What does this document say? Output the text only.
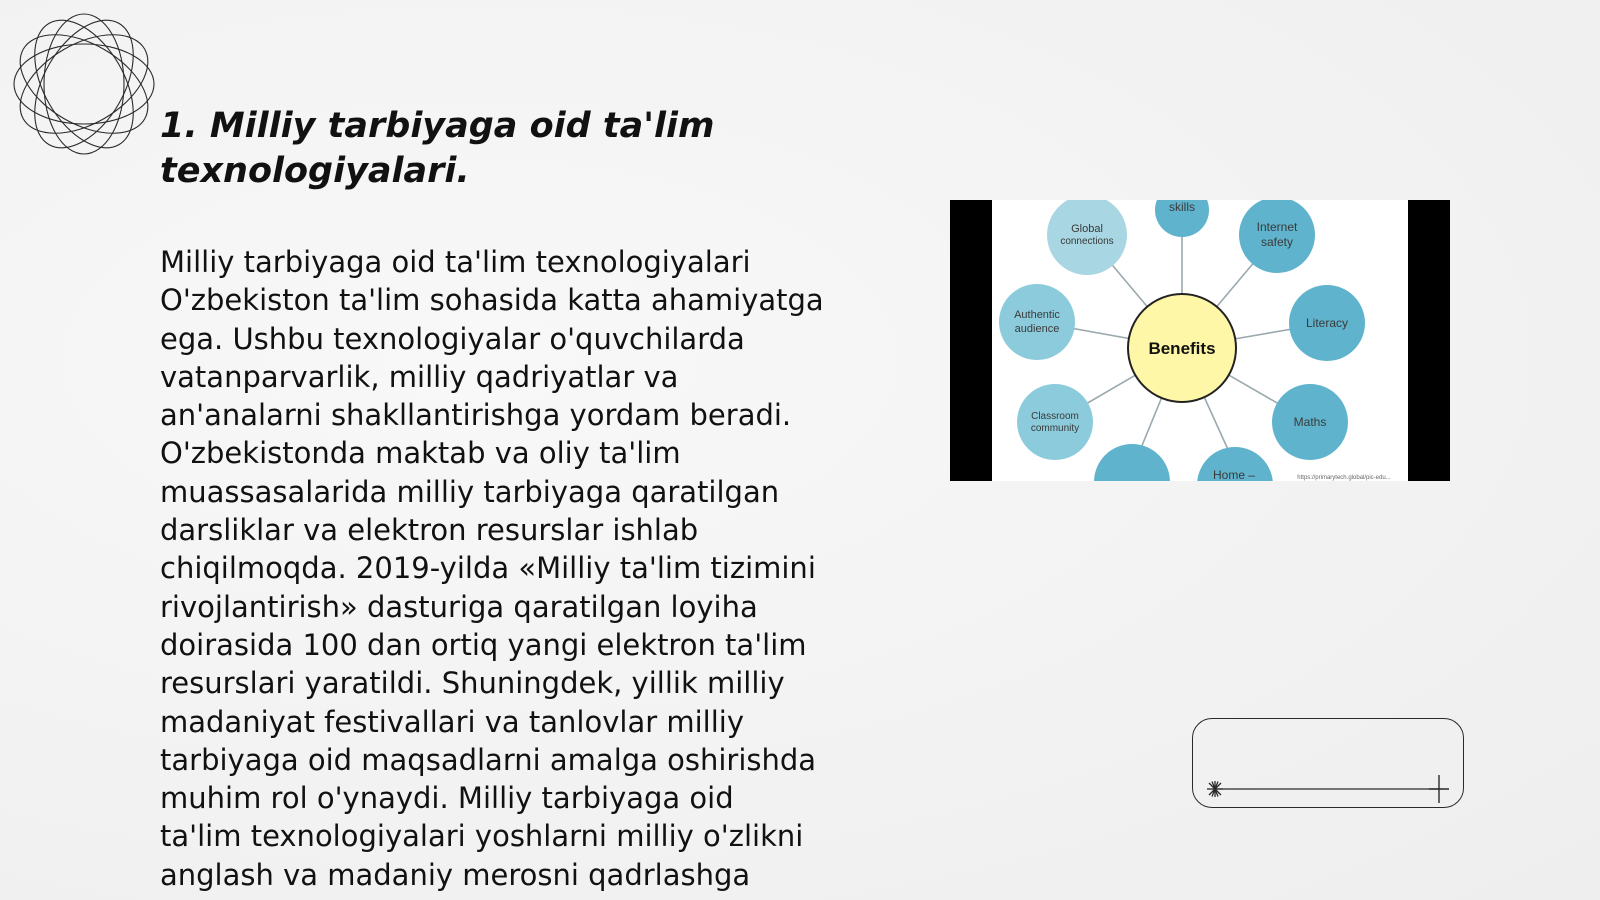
1. Milliy tarbiyaga oid ta'lim
texnologiyalari.
Milliy tarbiyaga oid ta'lim texnologiyalari
O'zbekiston ta'lim sohasida katta ahamiyatga
ega. Ushbu texnologiyalar o'quvchilarda
vatanparvarlik, milliy qadriyatlar va
an'analarni shakllantirishga yordam beradi.
O'zbekistonda maktab va oliy ta'lim
muassasalarida milliy tarbiyaga qaratilgan
darsliklar va elektron resurslar ishlab
chiqilmoqda. 2019-yilda «Milliy ta'lim tizimini
rivojlantirish» dasturiga qaratilgan loyiha
doirasida 100 dan ortiq yangi elektron ta'lim
resurslari yaratildi. Shuningdek, yillik milliy
madaniyat festivallari va tanlovlar milliy
tarbiyaga oid maqsadlarni amalga oshirishda
muhim rol o'ynaydi. Milliy tarbiyaga oid
ta'lim texnologiyalari yoshlarni milliy o'zlikni
anglash va madaniy merosni qadrlashga
Benefits
skills
Internet
safety
Literacy
Maths
Home –
Classroom
community
Authentic
audience
Global
connections
https://primarytech.global/pic-edu...
